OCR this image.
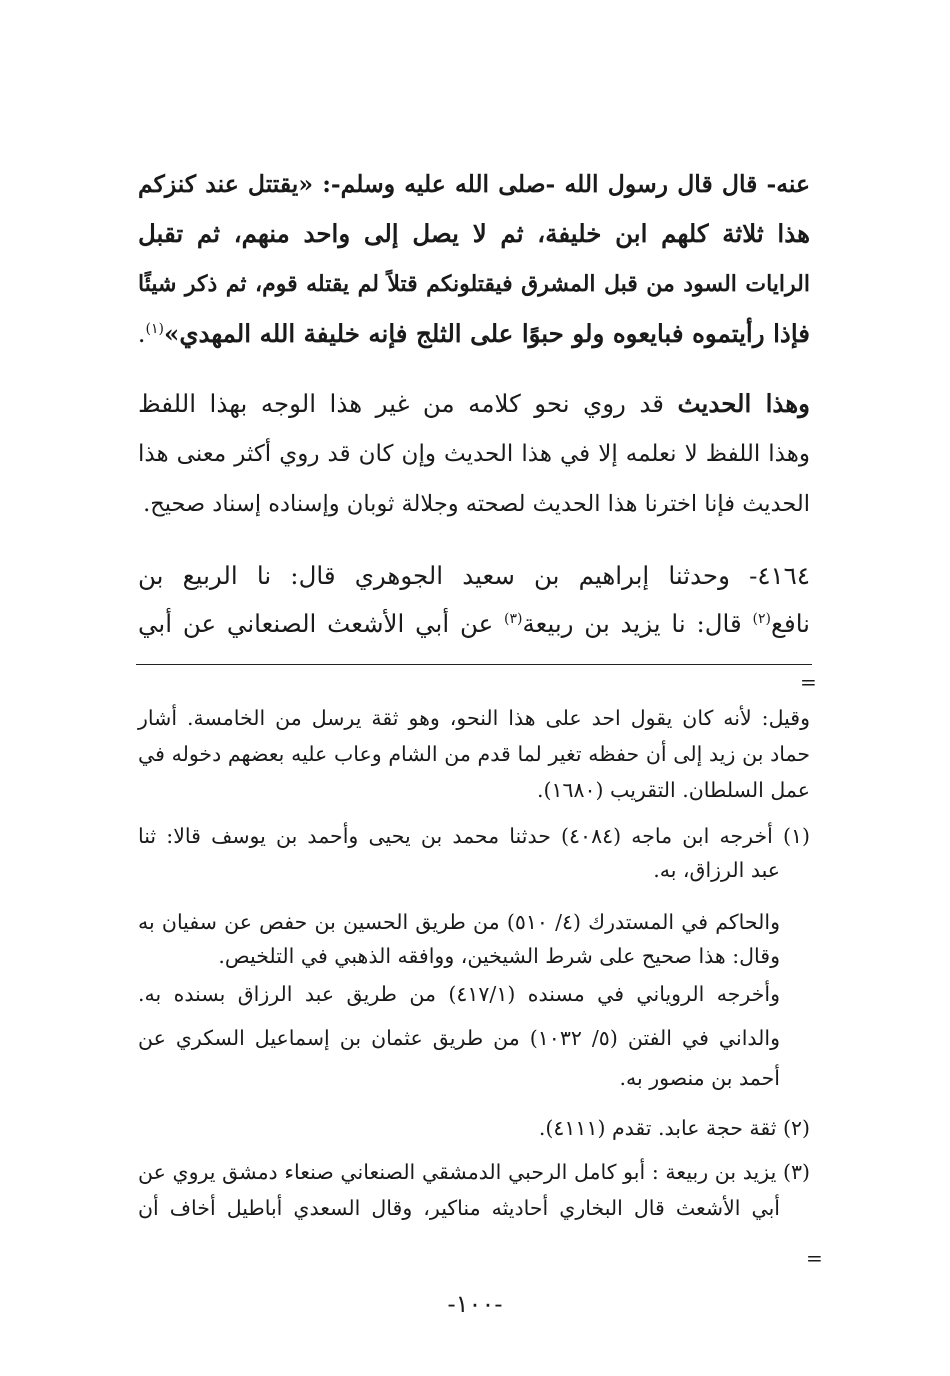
عنه- قال قال رسول الله -صلى الله عليه وسلم-: «يقتتل عند كنزكم
هذا ثلاثة كلهم ابن خليفة، ثم لا يصل إلى واحد منهم، ثم تقبل
الرايات السود من قبل المشرق فيقتلونكم قتلاً لم يقتله قوم، ثم ذكر شيئًا
فإذا رأيتموه فبايعوه ولو حبوًا على الثلج فإنه خليفة الله المهدي»$^{(١)}$.
وهذا الحديث قد روي نحو كلامه من غير هذا الوجه بهذا اللفظ
وهذا اللفظ لا نعلمه إلا في هذا الحديث وإن كان قد روي أكثر معنى هذا
الحديث فإنا اخترنا هذا الحديث لصحته وجلالة ثوبان وإسناده إسناد صحيح.
٤١٦٤- وحدثنا إبراهيم بن سعيد الجوهري قال: نا الربيع بن
نافع$^{(٢)}$ قال: نا يزيد بن ربيعة$^{(٣)}$ عن أبي الأشعث الصنعاني عن أبي
=
وقيل: لأنه كان يقول احد على هذا النحو، وهو ثقة يرسل من الخامسة. أشار
حماد بن زيد إلى أن حفظه تغير لما قدم من الشام وعاب عليه بعضهم دخوله في
عمل السلطان. التقريب (١٦٨٠).
(١) أخرجه ابن ماجه (٤٠٨٤) حدثنا محمد بن يحيى وأحمد بن يوسف قالا: ثنا
عبد الرزاق، به.
والحاكم في المستدرك (٤/ ٥١٠) من طريق الحسين بن حفص عن سفيان به
وقال: هذا صحيح على شرط الشيخين، ووافقه الذهبي في التلخيص.
وأخرجه الروياني في مسنده (٤١٧/١) من طريق عبد الرزاق بسنده به.
والداني في الفتن (٥/ ١٠٣٢) من طريق عثمان بن إسماعيل السكري عن
أحمد بن منصور به.
(٢) ثقة حجة عابد. تقدم (٤١١١).
(٣) يزيد بن ربيعة : أبو كامل الرحبي الدمشقي الصنعاني صنعاء دمشق يروي عن
أبي الأشعث قال البخاري أحاديثه مناكير، وقال السعدي أباطيل أخاف أن
=
-١٠٠-
